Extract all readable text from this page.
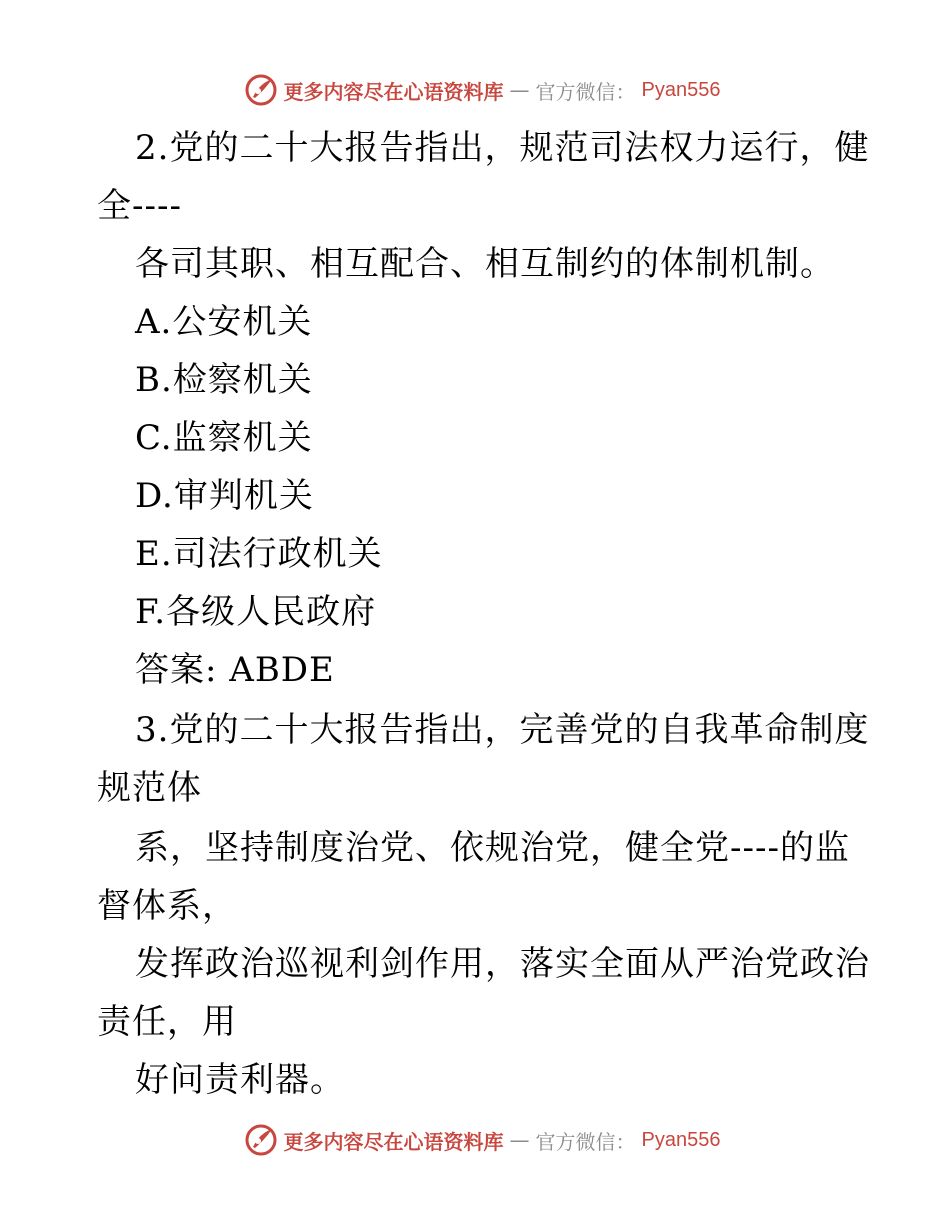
更多内容尽在心语资料库 — 官方微信： Pyan556
2.党的二十大报告指出，规范司法权力运行，健
全----
各司其职、相互配合、相互制约的体制机制。
A.公安机关
B.检察机关
C.监察机关
D.审判机关
E.司法行政机关
F.各级人民政府
答案: ABDE
3.党的二十大报告指出，完善党的自我革命制度
规范体
系，坚持制度治党、依规治党，健全党----的监
督体系，
发挥政治巡视利剑作用，落实全面从严治党政治
责任，用
好问责利器。
更多内容尽在心语资料库 — 官方微信： Pyan556
